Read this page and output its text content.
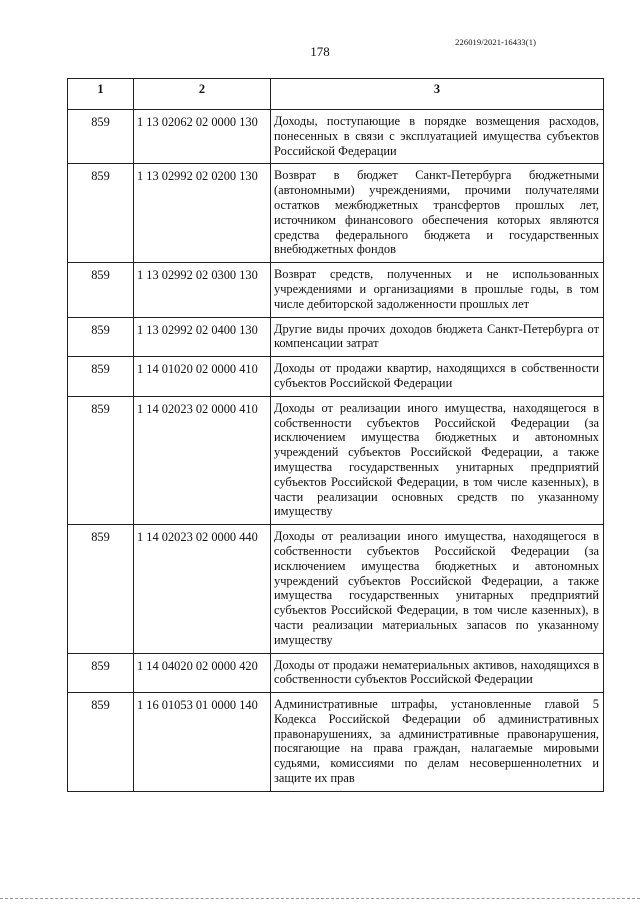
226019/2021-16433(1)
178
1	2	3
859	1 13 02062 02 0000 130	Доходы, поступающие в порядке возмещения расходов, понесенных в связи с эксплуатацией имущества субъектов Российской Федерации
859	1 13 02992 02 0200 130	Возврат в бюджет Санкт-Петербурга бюджетными (автономными) учреждениями, прочими получателями остатков межбюджетных трансфертов прошлых лет, источником финансового обеспечения которых являются средства федерального бюджета и государственных внебюджетных фондов
859	1 13 02992 02 0300 130	Возврат средств, полученных и не использованных учреждениями и организациями в прошлые годы, в том числе дебиторской задолженности прошлых лет
859	1 13 02992 02 0400 130	Другие виды прочих доходов бюджета Санкт-Петербурга от компенсации затрат
859	1 14 01020 02 0000 410	Доходы от продажи квартир, находящихся в собственности субъектов Российской Федерации
859	1 14 02023 02 0000 410	Доходы от реализации иного имущества, находящегося в собственности субъектов Российской Федерации (за исключением имущества бюджетных и автономных учреждений субъектов Российской Федерации, а также имущества государственных унитарных предприятий субъектов Российской Федерации, в том числе казенных), в части реализации основных средств по указанному имуществу
859	1 14 02023 02 0000 440	Доходы от реализации иного имущества, находящегося в собственности субъектов Российской Федерации (за исключением имущества бюджетных и автономных учреждений субъектов Российской Федерации, а также имущества государственных унитарных предприятий субъектов Российской Федерации, в том числе казенных), в части реализации материальных запасов по указанному имуществу
859	1 14 04020 02 0000 420	Доходы от продажи нематериальных активов, находящихся в собственности субъектов Российской Федерации
859	1 16 01053 01 0000 140	Административные штрафы, установленные главой 5 Кодекса Российской Федерации об административных правонарушениях, за административные правонарушения, посягающие на права граждан, налагаемые мировыми судьями, комиссиями по делам несовершеннолетних и защите их прав
